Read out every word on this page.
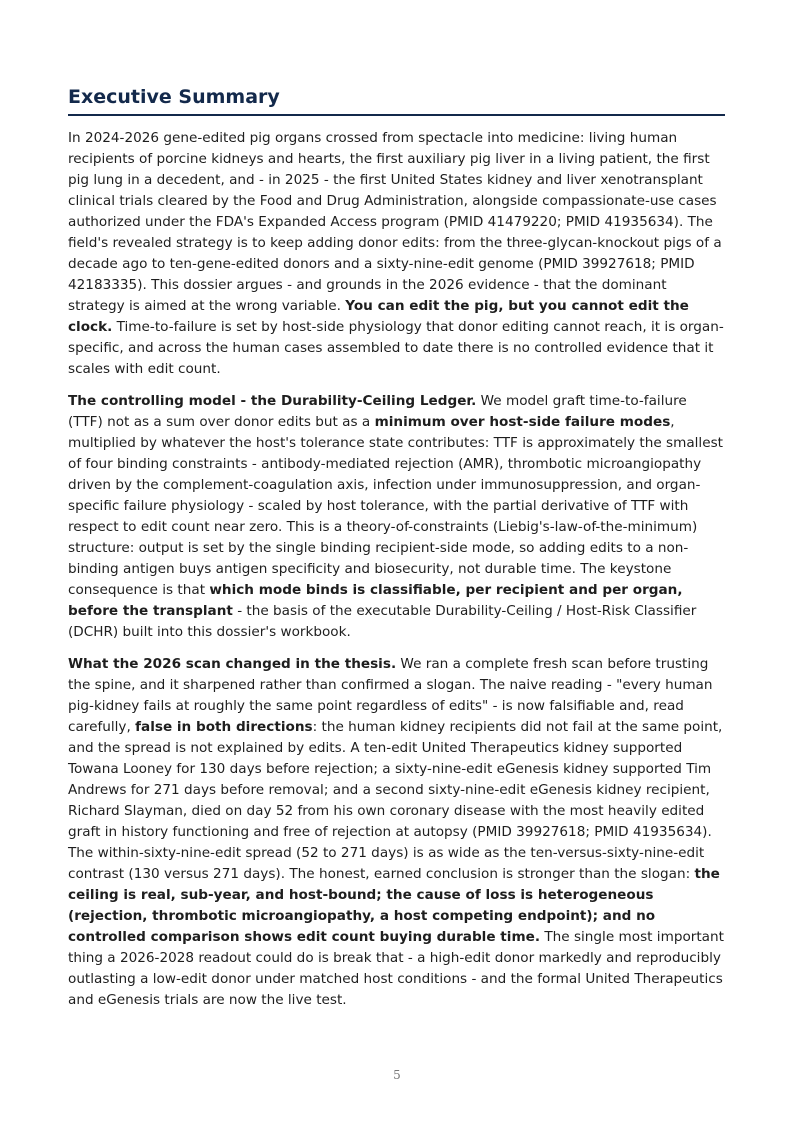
Executive Summary

In 2024-2026 gene-edited pig organs crossed from spectacle into medicine: living human recipients of porcine kidneys and hearts, the first auxiliary pig liver in a living patient, the first pig lung in a decedent, and - in 2025 - the first United States kidney and liver xenotransplant clinical trials cleared by the Food and Drug Administration, alongside compassionate-use cases authorized under the FDA's Expanded Access program (PMID 41479220; PMID 41935634). The field's revealed strategy is to keep adding donor edits: from the three-glycan-knockout pigs of a decade ago to ten-gene-edited donors and a sixty-nine-edit genome (PMID 39927618; PMID 42183335). This dossier argues - and grounds in the 2026 evidence - that the dominant strategy is aimed at the wrong variable. You can edit the pig, but you cannot edit the clock. Time-to-failure is set by host-side physiology that donor editing cannot reach, it is organ-specific, and across the human cases assembled to date there is no controlled evidence that it scales with edit count.

The controlling model - the Durability-Ceiling Ledger. We model graft time-to-failure (TTF) not as a sum over donor edits but as a minimum over host-side failure modes, multiplied by whatever the host's tolerance state contributes: TTF is approximately the smallest of four binding constraints - antibody-mediated rejection (AMR), thrombotic microangiopathy driven by the complement-coagulation axis, infection under immunosuppression, and organ-specific failure physiology - scaled by host tolerance, with the partial derivative of TTF with respect to edit count near zero. This is a theory-of-constraints (Liebig's-law-of-the-minimum) structure: output is set by the single binding recipient-side mode, so adding edits to a non-binding antigen buys antigen specificity and biosecurity, not durable time. The keystone consequence is that which mode binds is classifiable, per recipient and per organ, before the transplant - the basis of the executable Durability-Ceiling / Host-Risk Classifier (DCHR) built into this dossier's workbook.

What the 2026 scan changed in the thesis. We ran a complete fresh scan before trusting the spine, and it sharpened rather than confirmed a slogan. The naive reading - "every human pig-kidney fails at roughly the same point regardless of edits" - is now falsifiable and, read carefully, false in both directions: the human kidney recipients did not fail at the same point, and the spread is not explained by edits. A ten-edit United Therapeutics kidney supported Towana Looney for 130 days before rejection; a sixty-nine-edit eGenesis kidney supported Tim Andrews for 271 days before removal; and a second sixty-nine-edit eGenesis kidney recipient, Richard Slayman, died on day 52 from his own coronary disease with the most heavily edited graft in history functioning and free of rejection at autopsy (PMID 39927618; PMID 41935634). The within-sixty-nine-edit spread (52 to 271 days) is as wide as the ten-versus-sixty-nine-edit contrast (130 versus 271 days). The honest, earned conclusion is stronger than the slogan: the ceiling is real, sub-year, and host-bound; the cause of loss is heterogeneous (rejection, thrombotic microangiopathy, a host competing endpoint); and no controlled comparison shows edit count buying durable time. The single most important thing a 2026-2028 readout could do is break that - a high-edit donor markedly and reproducibly outlasting a low-edit donor under matched host conditions - and the formal United Therapeutics and eGenesis trials are now the live test.

5
